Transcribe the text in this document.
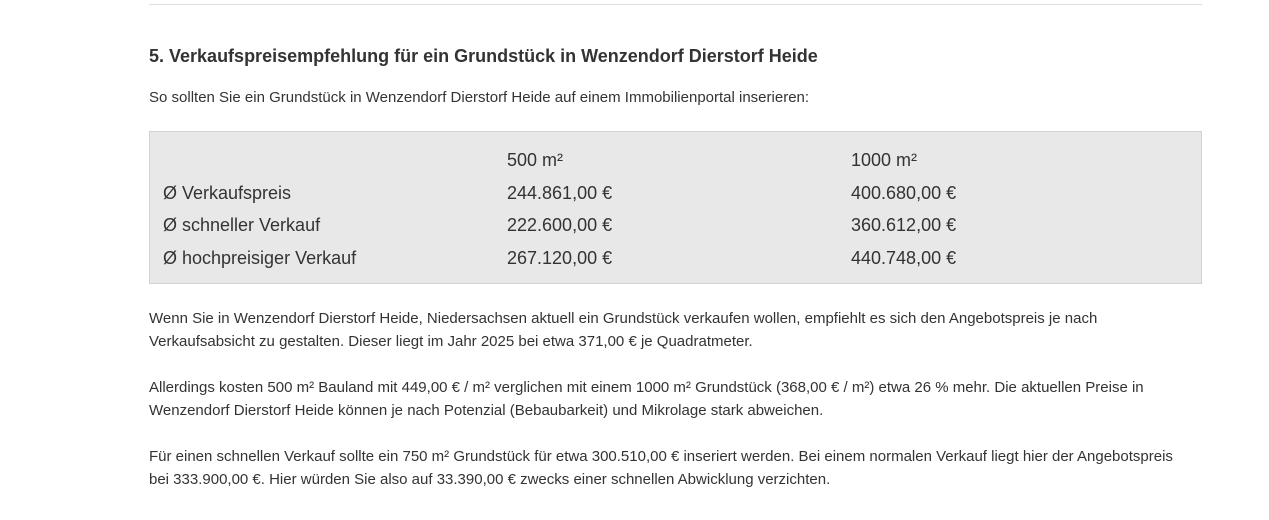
5. Verkaufspreisempfehlung für ein Grundstück in Wenzendorf Dierstorf Heide

So sollten Sie ein Grundstück in Wenzendorf Dierstorf Heide auf einem Immobilienportal inserieren:

	500 m²	1000 m²
Ø Verkaufspreis	244.861,00 €	400.680,00 €
Ø schneller Verkauf	222.600,00 €	360.612,00 €
Ø hochpreisiger Verkauf	267.120,00 €	440.748,00 €

Wenn Sie in Wenzendorf Dierstorf Heide, Niedersachsen aktuell ein Grundstück verkaufen wollen, empfiehlt es sich den Angebotspreis je nach
Verkaufsabsicht zu gestalten. Dieser liegt im Jahr 2025 bei etwa 371,00 € je Quadratmeter.

Allerdings kosten 500 m² Bauland mit 449,00 € / m² verglichen mit einem 1000 m² Grundstück (368,00 € / m²) etwa 26 % mehr. Die aktuellen Preise in
Wenzendorf Dierstorf Heide können je nach Potenzial (Bebaubarkeit) und Mikrolage stark abweichen.

Für einen schnellen Verkauf sollte ein 750 m² Grundstück für etwa 300.510,00 € inseriert werden. Bei einem normalen Verkauf liegt hier der Angebotspreis
bei 333.900,00 €. Hier würden Sie also auf 33.390,00 € zwecks einer schnellen Abwicklung verzichten.
